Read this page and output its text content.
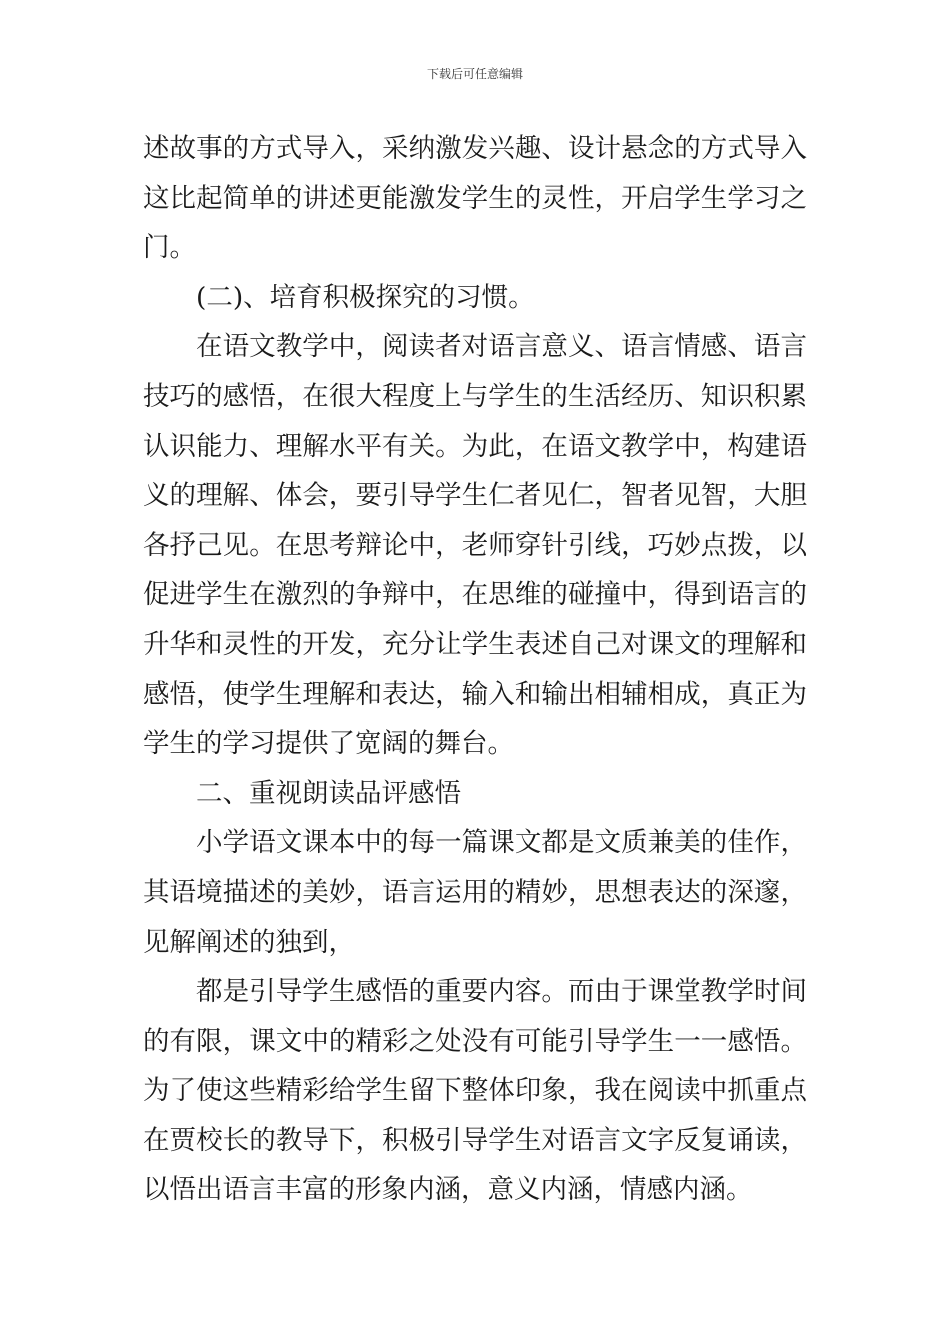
下载后可任意编辑
述故事的方式导入，采纳激发兴趣、设计悬念的方式导入
这比起简单的讲述更能激发学生的灵性，开启学生学习之
门。
(二)、培育积极探究的习惯。
在语文教学中，阅读者对语言意义、语言情感、语言
技巧的感悟，在很大程度上与学生的生活经历、知识积累
认识能力、理解水平有关。为此，在语文教学中，构建语
义的理解、体会，要引导学生仁者见仁，智者见智，大胆
各抒己见。在思考辩论中，老师穿针引线，巧妙点拨，以
促进学生在激烈的争辩中，在思维的碰撞中，得到语言的
升华和灵性的开发，充分让学生表述自己对课文的理解和
感悟，使学生理解和表达，输入和输出相辅相成，真正为
学生的学习提供了宽阔的舞台。
二、重视朗读品评感悟
小学语文课本中的每一篇课文都是文质兼美的佳作，
其语境描述的美妙，语言运用的精妙，思想表达的深邃，
见解阐述的独到，
都是引导学生感悟的重要内容。而由于课堂教学时间
的有限，课文中的精彩之处没有可能引导学生一一感悟。
为了使这些精彩给学生留下整体印象，我在阅读中抓重点
在贾校长的教导下，积极引导学生对语言文字反复诵读，
以悟出语言丰富的形象内涵，意义内涵，情感内涵。
